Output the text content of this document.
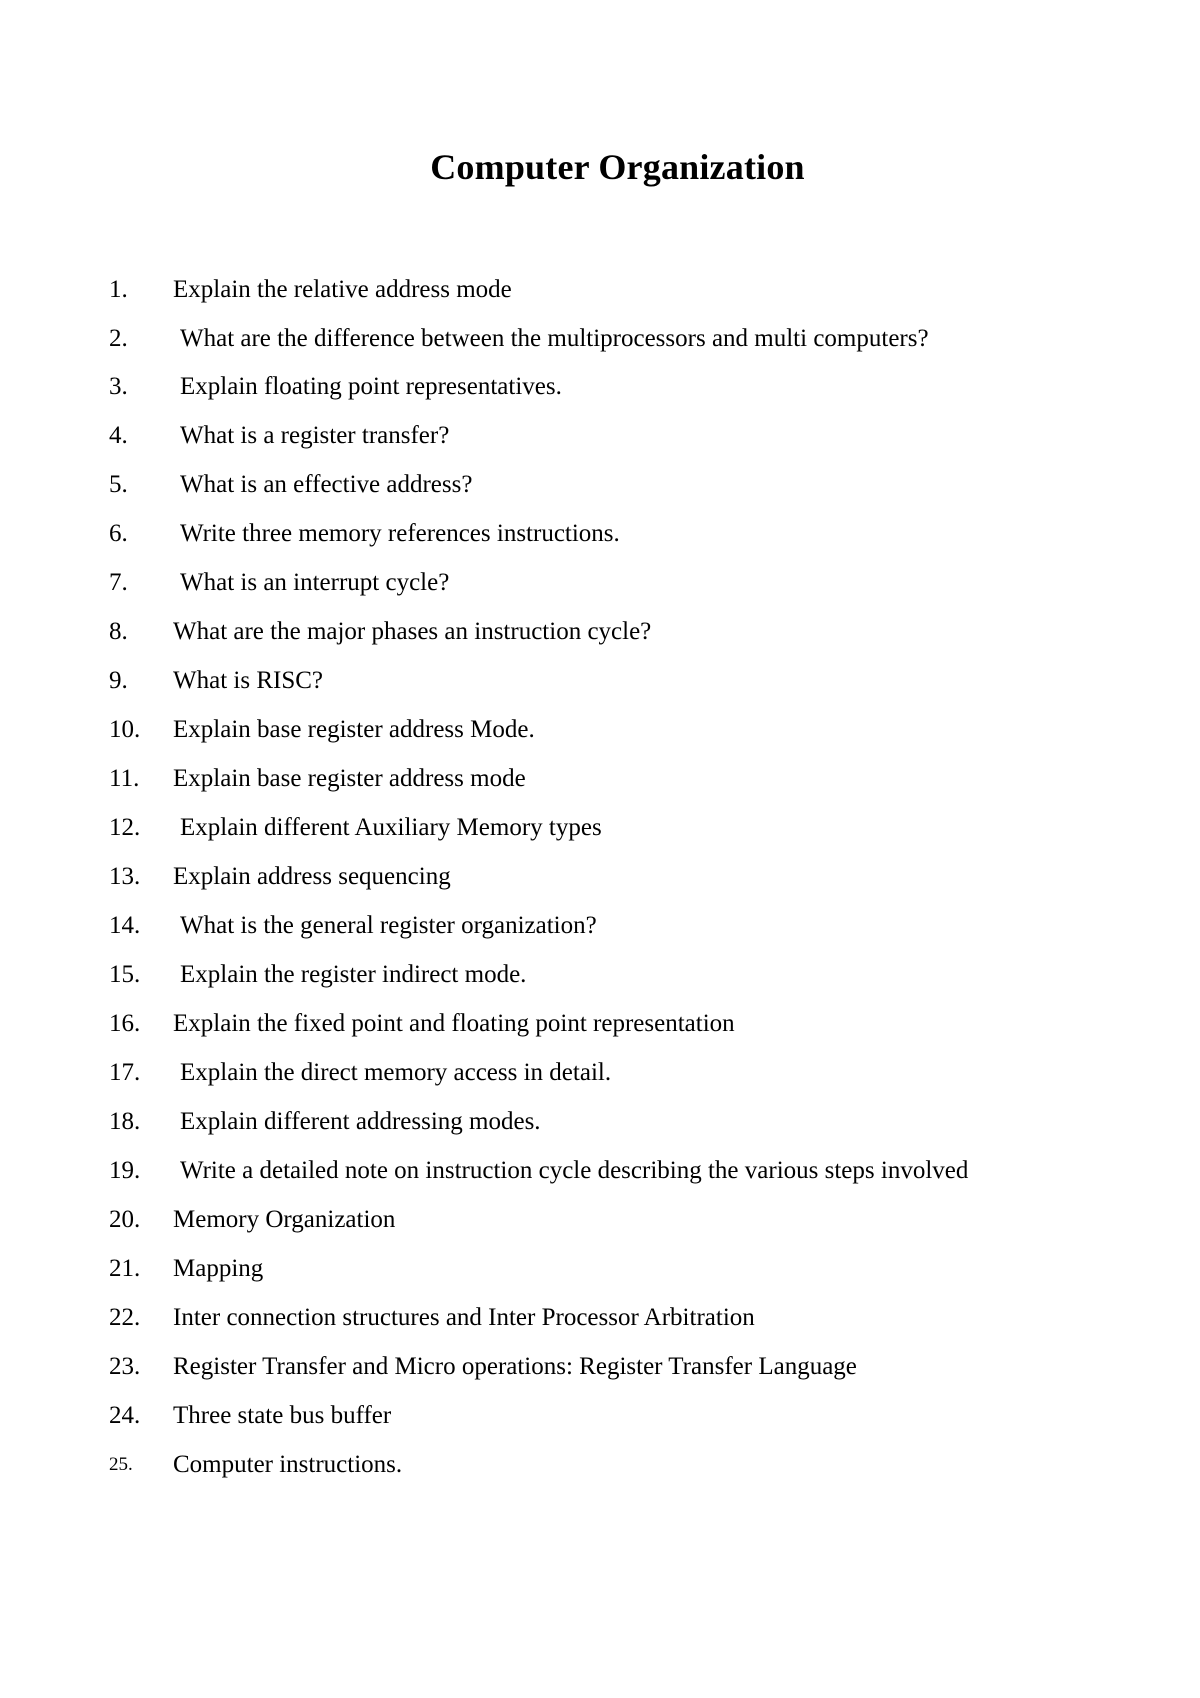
Computer Organization
1. Explain the relative address mode
2. What are the difference between the multiprocessors and multi computers?
3. Explain floating point representatives.
4. What is a register transfer?
5. What is an effective address?
6. Write three memory references instructions.
7. What is an interrupt cycle?
8. What are the major phases an instruction cycle?
9. What is RISC?
10. Explain base register address Mode.
11. Explain base register address mode
12. Explain different Auxiliary Memory types
13. Explain address sequencing
14. What is the general register organization?
15. Explain the register indirect mode.
16. Explain the fixed point and floating point representation
17. Explain the direct memory access in detail.
18. Explain different addressing modes.
19. Write a detailed note on instruction cycle describing the various steps involved
20. Memory Organization
21. Mapping
22. Inter connection structures and Inter Processor Arbitration
23. Register Transfer and Micro operations: Register Transfer Language
24. Three state bus buffer
25. Computer instructions.
